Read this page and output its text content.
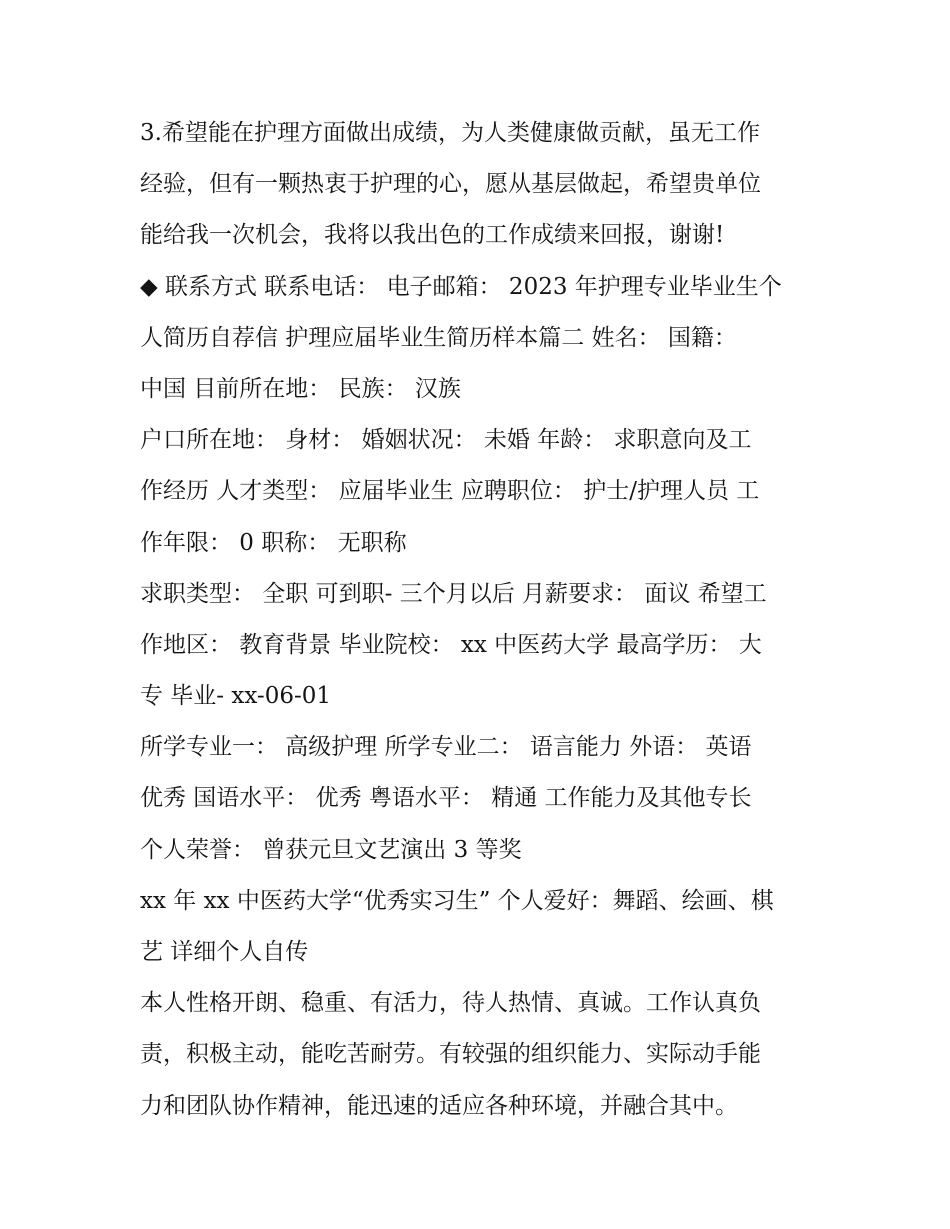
3.希望能在护理方面做出成绩，为人类健康做贡献，虽无工作
经验，但有一颗热衷于护理的心，愿从基层做起，希望贵单位
能给我一次机会，我将以我出色的工作成绩来回报，谢谢!
◆ 联系方式 联系电话： 电子邮箱： 2023 年护理专业毕业生个
人简历自荐信 护理应届毕业生简历样本篇二 姓名： 国籍：
中国 目前所在地： 民族： 汉族
户口所在地： 身材： 婚姻状况： 未婚 年龄： 求职意向及工
作经历 人才类型： 应届毕业生 应聘职位： 护士/护理人员 工
作年限： 0 职称： 无职称
求职类型： 全职 可到职- 三个月以后 月薪要求： 面议 希望工
作地区： 教育背景 毕业院校： xx 中医药大学 最高学历： 大
专 毕业- xx-06-01
所学专业一： 高级护理 所学专业二： 语言能力 外语： 英语
优秀 国语水平： 优秀 粤语水平： 精通 工作能力及其他专长
个人荣誉： 曾获元旦文艺演出 3 等奖
xx 年 xx 中医药大学“优秀实习生” 个人爱好：舞蹈、绘画、棋
艺 详细个人自传
本人性格开朗、稳重、有活力，待人热情、真诚。工作认真负
责，积极主动，能吃苦耐劳。有较强的组织能力、实际动手能
力和团队协作精神，能迅速的适应各种环境，并融合其中。
